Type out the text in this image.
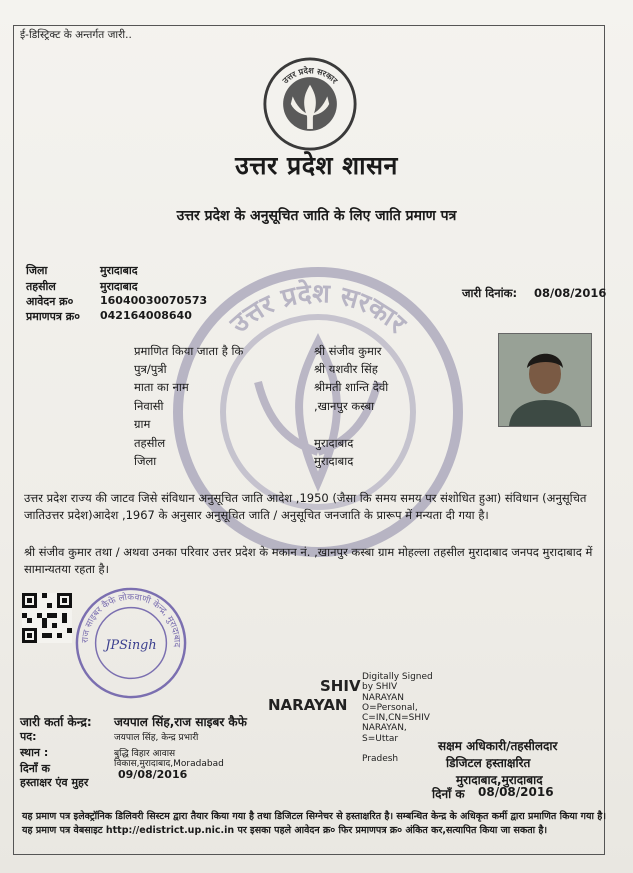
ई-डिस्ट्रिक्ट के अन्तर्गत जारी..
उत्तर प्रदेश सरकार
उत्तर प्रदेश शासन
उत्तर प्रदेश के अनुसूचित जाति के लिए जाति प्रमाण पत्र
उत्तर प्रदेश सरकार
जिला	मुरादाबाद
तहसील	मुरादाबाद
आवेदन क्र० 16040030070573
प्रमाणपत्र क्र० 042164008640
जारी दिनांक: 08/08/2016
प्रमाणित किया जाता है कि	श्री संजीव कुमार
पुत्र/पुत्री	श्री यशवीर सिंह
माता का नाम	श्रीमती शान्ति देवी
निवासी	,खानपुर कस्बा
ग्राम
तहसील	मुरादाबाद
जिला	मुरादाबाद
उत्तर प्रदेश राज्य की जाटव जिसे संविधान अनुसूचित जाति आदेश ,1950 (जैसा कि समय समय पर संशोधित हुआ) संविधान (अनुसूचित जातिउत्तर प्रदेश)आदेश ,1967 के अनुसार अनुसूचित जाति / अनुसूचित जनजाति के प्रारूप में मन्यता दी गया है।
श्री संजीव कुमार तथा / अथवा उनका परिवार उत्तर प्रदेश के मकान नं. ,खानपुर कस्बा ग्राम मोहल्ला तहसील मुरादाबाद जनपद मुरादाबाद में सामान्यतया रहता है।
राज साइबर कैफे लोकवाणी केन्द्र, मुरादाबाद
JPSingh
SHIV
NARAYAN
Digitally Signed
by SHIV
NARAYAN
O=Personal,
C=IN,CN=SHIV
NARAYAN,
S=Uttar
Pradesh
जारी कर्ता केन्द्र: जयपाल सिंह,राज साइबर कैफे
पद:	जयपाल सिंह, केन्द्र प्रभारी
स्थान :	बुद्धि विहार आवास
विकास,मुरादाबाद,Moradabad
दिनाँ क	09/08/2016
हस्ताक्षर एंव मुहर
सक्षम अधिकारी/तहसीलदार
डिजिटल हस्ताक्षरित
मुरादाबाद,मुरादाबाद
दिनाँ क 08/08/2016
यह प्रमाण पत्र इलेक्ट्रॉनिक डिलिवरी सिस्टम द्वारा तैयार किया गया है तथा डिजिटल सिग्नेचर से हस्ताक्षरित है। सम्बन्धित केन्द्र के अधिकृत कर्मी द्वारा प्रमाणित किया गया है। यह प्रमाण पत्र वेबसाइट http://edistrict.up.nic.in पर इसका पहले आवेदन क्र० फिर प्रमाणपत्र क्र० अंकित कर,सत्यापित किया जा सकता है।
